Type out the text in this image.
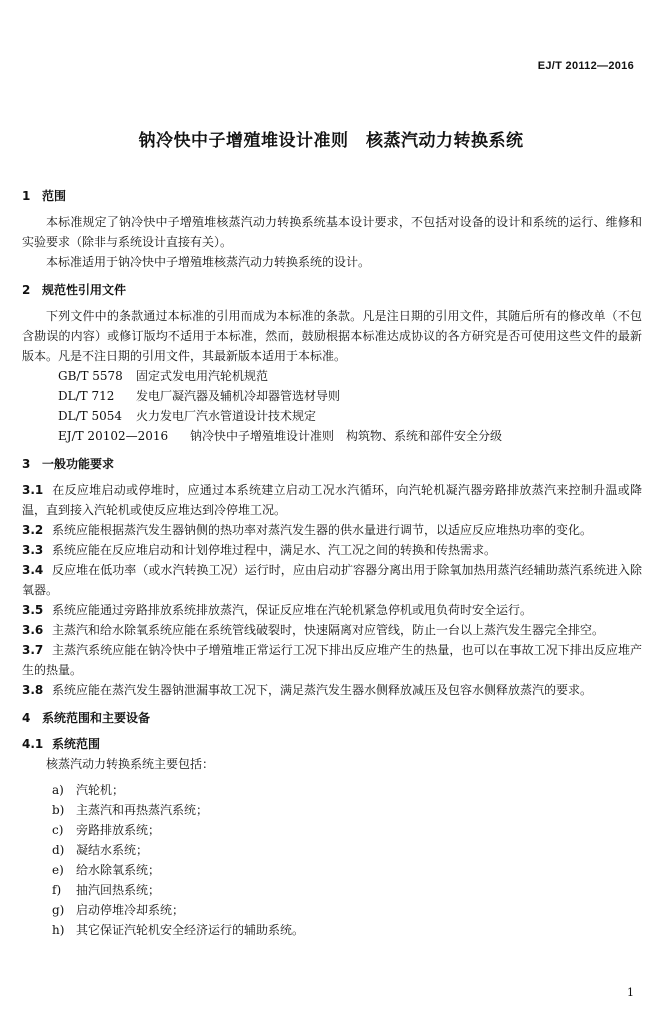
EJ/T 20112—2016
钠冷快中子增殖堆设计准则　核蒸汽动力转换系统
1 范围

本标准规定了钠冷快中子增殖堆核蒸汽动力转换系统基本设计要求，不包括对设备的设计和系统的运行、维修和实验要求（除非与系统设计直接有关）。

本标准适用于钠冷快中子增殖堆核蒸汽动力转换系统的设计。

2 规范性引用文件

下列文件中的条款通过本标准的引用而成为本标准的条款。凡是注日期的引用文件，其随后所有的修改单（不包含勘误的内容）或修订版均不适用于本标准，然而，鼓励根据本标准达成协议的各方研究是否可使用这些文件的最新版本。凡是不注日期的引用文件，其最新版本适用于本标准。

GB/T 5578 固定式发电用汽轮机规范
DL/T 712 发电厂凝汽器及辅机冷却器管选材导则
DL/T 5054 火力发电厂汽水管道设计技术规定
EJ/T 20102—2016 钠冷快中子增殖堆设计准则　构筑物、系统和部件安全分级
3 一般功能要求

3.1 在反应堆启动或停堆时，应通过本系统建立启动工况水汽循环，向汽轮机凝汽器旁路排放蒸汽来控制升温或降温，直到接入汽轮机或使反应堆达到冷停堆工况。

3.2 系统应能根据蒸汽发生器钠侧的热功率对蒸汽发生器的供水量进行调节，以适应反应堆热功率的变化。

3.3 系统应能在反应堆启动和计划停堆过程中，满足水、汽工况之间的转换和传热需求。

3.4 反应堆在低功率（或水汽转换工况）运行时，应由启动扩容器分离出用于除氧加热用蒸汽经辅助蒸汽系统进入除氧器。

3.5 系统应能通过旁路排放系统排放蒸汽，保证反应堆在汽轮机紧急停机或甩负荷时安全运行。

3.6 主蒸汽和给水除氧系统应能在系统管线破裂时，快速隔离对应管线，防止一台以上蒸汽发生器完全排空。

3.7 主蒸汽系统应能在钠冷快中子增殖堆正常运行工况下排出反应堆产生的热量，也可以在事故工况下排出反应堆产生的热量。

3.8 系统应能在蒸汽发生器钠泄漏事故工况下，满足蒸汽发生器水侧释放减压及包容水侧释放蒸汽的要求。

4 系统范围和主要设备
4.1 系统范围

核蒸汽动力转换系统主要包括：

a) 汽轮机；

b) 主蒸汽和再热蒸汽系统；

c) 旁路排放系统；

d) 凝结水系统；

e) 给水除氧系统；

f) 抽汽回热系统；

g) 启动停堆冷却系统；

h) 其它保证汽轮机安全经济运行的辅助系统。

1
